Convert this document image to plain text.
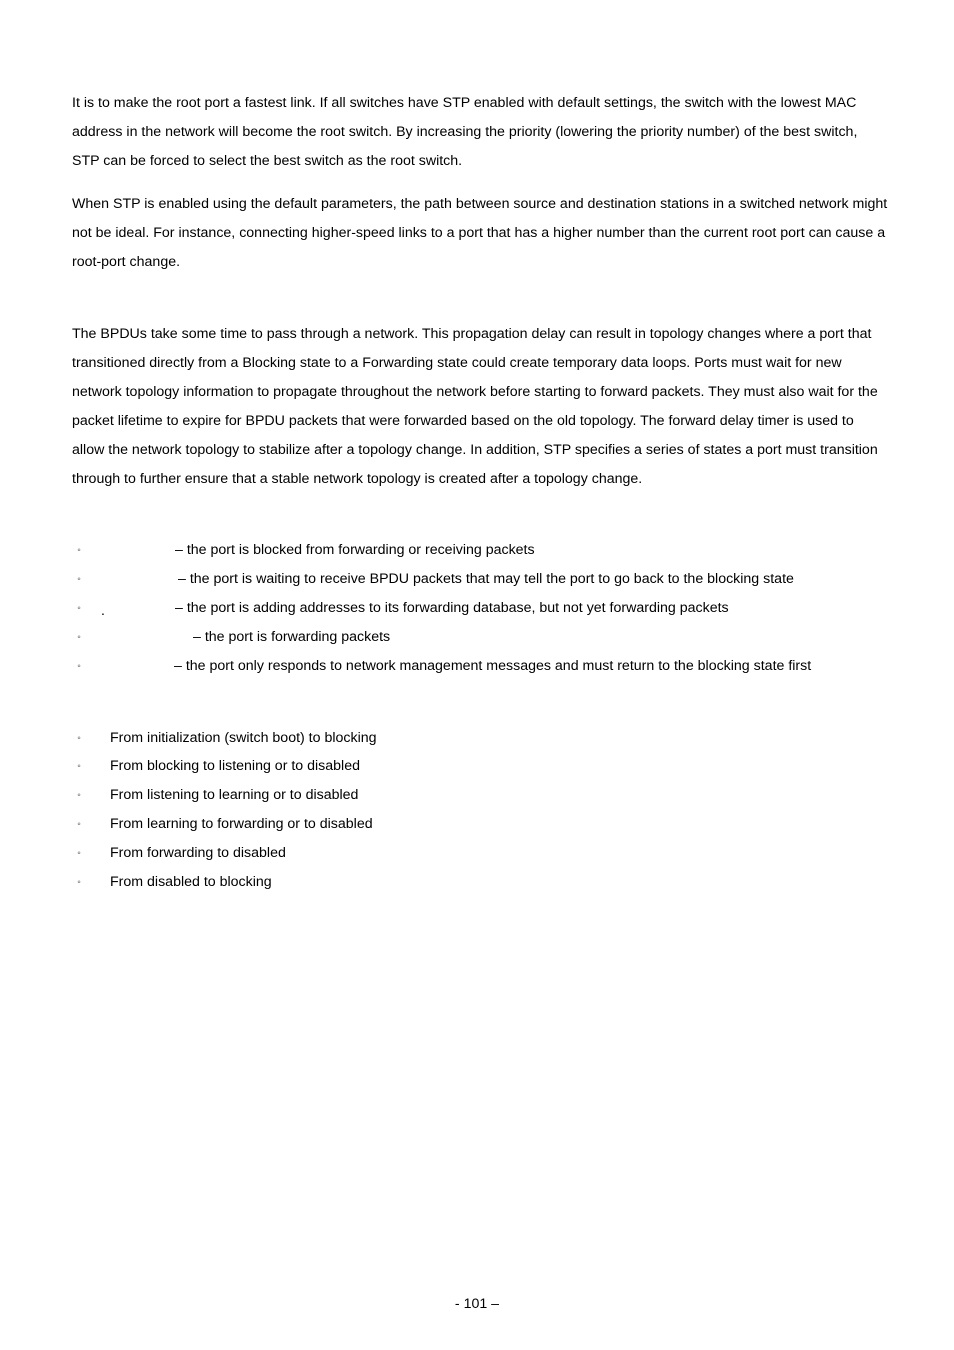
It is to make the root port a fastest link. If all switches have STP enabled with default settings, the switch with the lowest MAC address in the network will become the root switch. By increasing the priority (lowering the priority number) of the best switch, STP can be forced to select the best switch as the root switch.

When STP is enabled using the default parameters, the path between source and destination stations in a switched network might not be ideal. For instance, connecting higher-speed links to a port that has a higher number than the current root port can cause a root-port change.

The BPDUs take some time to pass through a network. This propagation delay can result in topology changes where a port that transitioned directly from a Blocking state to a Forwarding state could create temporary data loops. Ports must wait for new network topology information to propagate throughout the network before starting to forward packets. They must also wait for the packet lifetime to expire for BPDU packets that were forwarded based on the old topology. The forward delay timer is used to allow the network topology to stabilize after a topology change. In addition, STP specifies a series of states a port must transition through to further ensure that a stable network topology is created after a topology change.

◦	– the port is blocked from forwarding or receiving packets
◦	– the port is waiting to receive BPDU packets that may tell the port to go back to the blocking state
◦	.	– the port is adding addresses to its forwarding database, but not yet forwarding packets
◦	– the port is forwarding packets
◦	– the port only responds to network management messages and must return to the blocking state first
◦	From initialization (switch boot) to blocking
◦	From blocking to listening or to disabled
◦	From listening to learning or to disabled
◦	From learning to forwarding or to disabled
◦	From forwarding to disabled
◦	From disabled to blocking
- 101 –
